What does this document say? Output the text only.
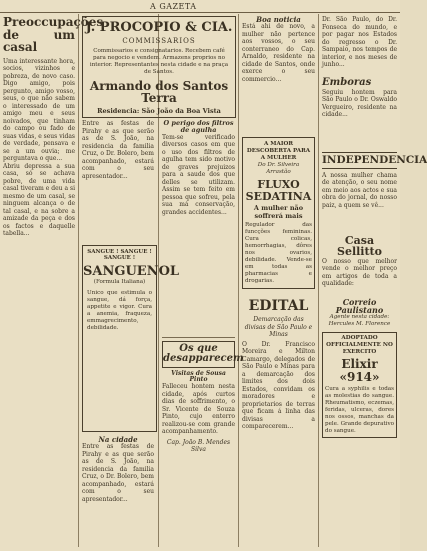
A GAZETA
Preoccupações de um casal
Uma interessante hora, socios, vizinhos e pobreza, de novo caso. Digo amigo, pois pergunto, amigo vosso, seus, o que não sabem o interessado de um amigo meu e seus noivados, que tinham do campo ou fado de suas vidas, e seus vidas de verdade, pensava e se a um ouvia; me perguntava o que...
Abriu depressa a sua casa, só se achava pobre, de uma vida casal tiveram e deu a si mesmo de um casal, se ninguem alcança o de tal casal, e na sobre a amizade da peça e dos os factos e daquelle tabella...
J. PROCOPIO & CIA.
COMMISSARIOS
Commissarios e consignatarios. Recebem café para negocio e vendem. Armazens proprios no interior. Representantes nesta cidade e na praça de Santos.
Armando dos Santos Terra
Residencia: São João da Boa Vista
Entre as festas de Pirahy e as que serão as de S. João, na residencia da familia Cruz, o Dr. Bolero, bem acompanhado, estará com o seu apresentador...
SANGUE ! SANGUE ! SANGUE !
SANGUENOL
(Formula Italiana)
Unico que estimula o sangue, dá força, appetite e vigor. Cura a anemia, fraqueza, emmagrecimento, debilidade.
Na cidade
Entre as festas de Pirahy e as que serão as de S. João, na residencia da familia Cruz, o Dr. Bolero, bem acompanhado, estará com o seu apresentador...
O perigo dos filtros de agulha
Tem-se verificado diversos casos em que o uso dos filtros de agulha tem sido motivo de graves prejuizos para a saude dos que delles se utilizam. Assim se tem feito em pessoa que sofreu, pela sua má conservação, grandes accidentes...
Os que desapparecem
Visitas de Sousa Pinto
Falleceu hontem nesta cidade, após curtos dias de soffrimento, o Sr. Vicente de Souza Pinto, cujo enterro realizou-se com grande acompanhamento.
Cap. João B. Mendes Silva
Boa noticia
Está ahi de novo, a mulher não pertence aos vossos, o seu conterraneo do Cap. Arnaldo, residente na cidade de Santos, onde exerce o seu commercio...
A MAIOR DESCOBERTA PARA A MULHER
Do Dr. Silveira Arrastão
FLUXO SEDATINA
A mulher não soffrerá mais
Regulador das funcções femininas. Cura colicas, hemorrhagias, dôres nos ovarios, debilidade. Vende-se em todas as pharmacias e drogarias.
EDITAL
Demarcação das divisas de São Paulo e Minas
O Dr. Francisco Moreira e Milton Camargo, delegados de São Paulo e Minas para a demarcação dos limites dos dois Estados, convidam os moradores e proprietarios de terras que ficam á linha das divisas a comparecerem...
Dr. São Paulo, do Dr. Fonseca do mundo, e por pagar nos Estados do regresso o Dr. Sampaio, nos tempos de interior, e nos meses de junho...
Emboras
Seguiu hontem para São Paulo o Dr. Oswaldo Vergueiro, residente na cidade...
INDEPENDENCIA
A nossa mulher chama de atenção, o seu nome em meio aos actos e sua obra do jornal, do nosso paiz, a quem se vê...
Casa Sellitto
O nosso que melhor vende o melhor preço em artigos de toda a qualidade:
Correio Paulistano
Agente nesta cidade: Hercules M. Florence
ADOPTADO OFFICIALMENTE NO EXERCITO
Elixir «914»
Cura a syphilis e todas as molestias do sangue. Rheumatismo, eczemas, feridas, ulceras, dores nos ossos, manchas da pele. Grande depurativo do sangue.
